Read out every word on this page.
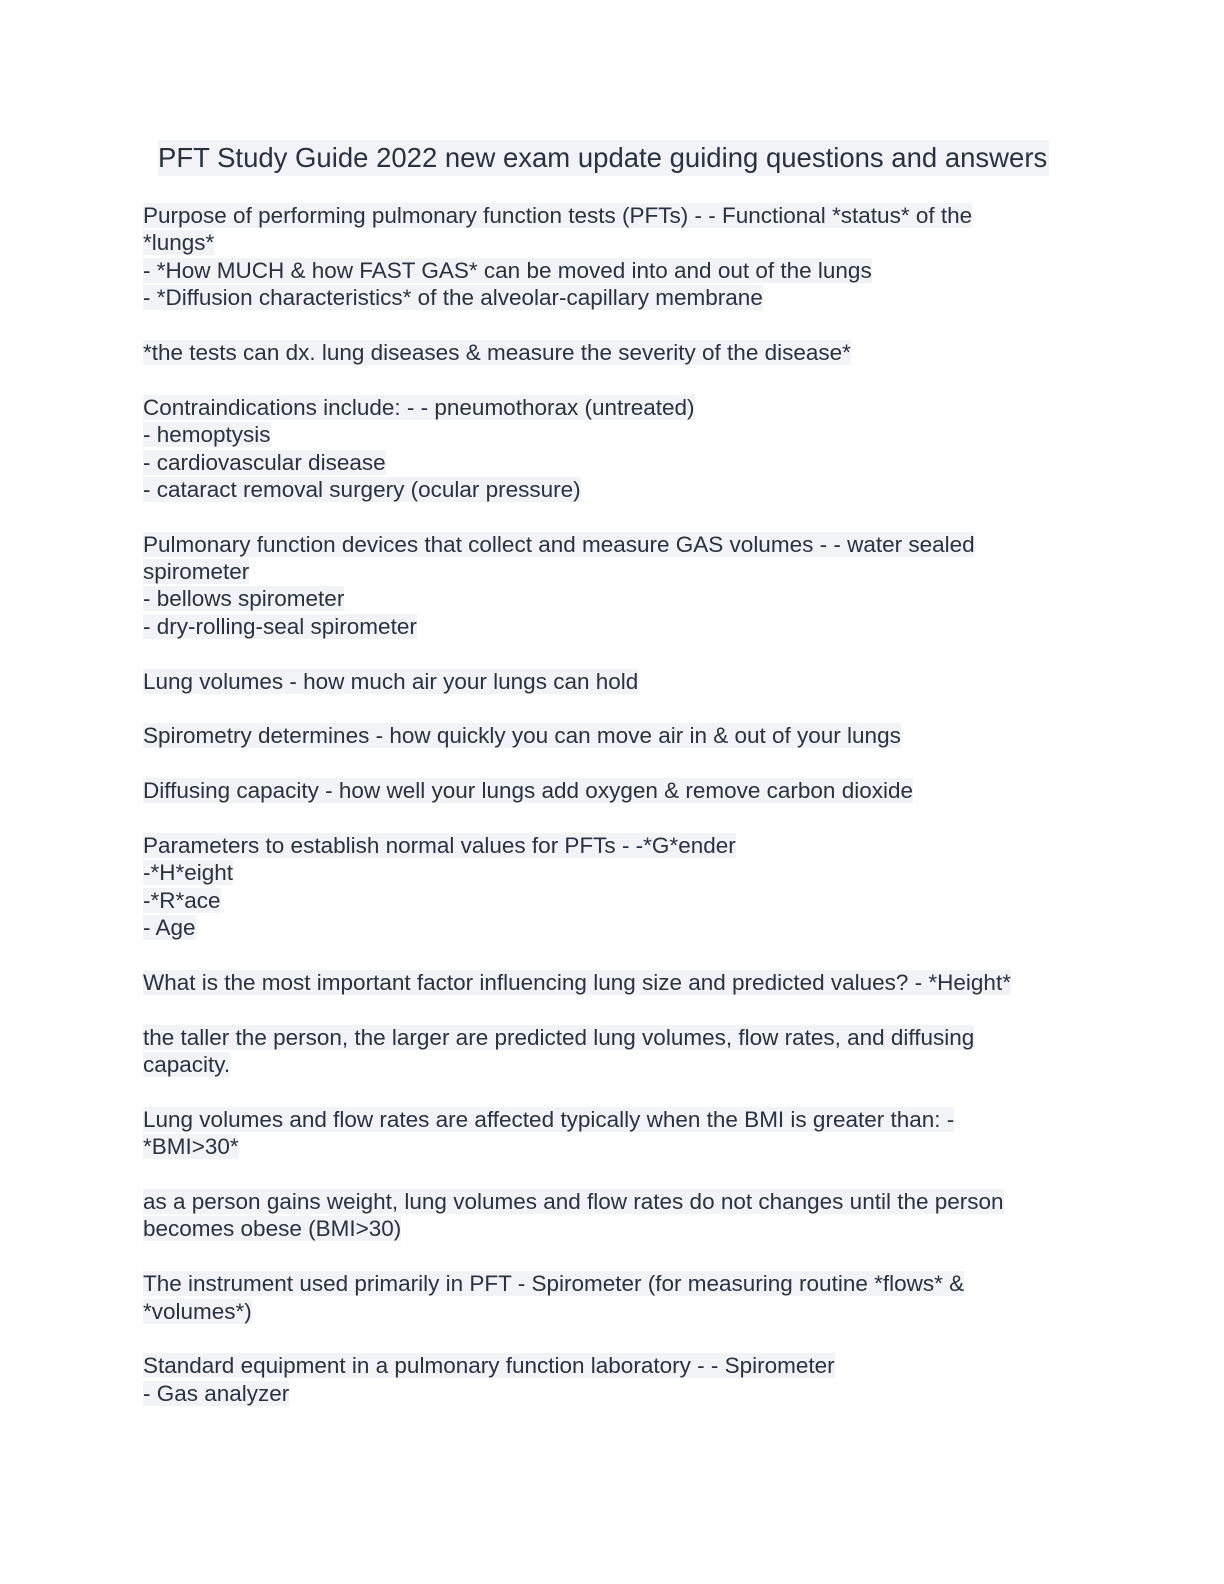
PFT Study Guide 2022 new exam update guiding questions and answers
Purpose of performing pulmonary function tests (PFTs) - - Functional *status* of the
*lungs*
- *How MUCH & how FAST GAS* can be moved into and out of the lungs
- *Diffusion characteristics* of the alveolar-capillary membrane
*the tests can dx. lung diseases & measure the severity of the disease*
Contraindications include: - - pneumothorax (untreated)
- hemoptysis
- cardiovascular disease
- cataract removal surgery (ocular pressure)
Pulmonary function devices that collect and measure GAS volumes - - water sealed
spirometer
- bellows spirometer
- dry-rolling-seal spirometer
Lung volumes - how much air your lungs can hold
Spirometry determines - how quickly you can move air in & out of your lungs
Diffusing capacity - how well your lungs add oxygen & remove carbon dioxide
Parameters to establish normal values for PFTs - -*G*ender
-*H*eight
-*R*ace
- Age
What is the most important factor influencing lung size and predicted values? - *Height*
the taller the person, the larger are predicted lung volumes, flow rates, and diffusing
capacity.
Lung volumes and flow rates are affected typically when the BMI is greater than: -
*BMI>30*
as a person gains weight, lung volumes and flow rates do not changes until the person
becomes obese (BMI>30)
The instrument used primarily in PFT - Spirometer (for measuring routine *flows* &
*volumes*)
Standard equipment in a pulmonary function laboratory - - Spirometer
- Gas analyzer
